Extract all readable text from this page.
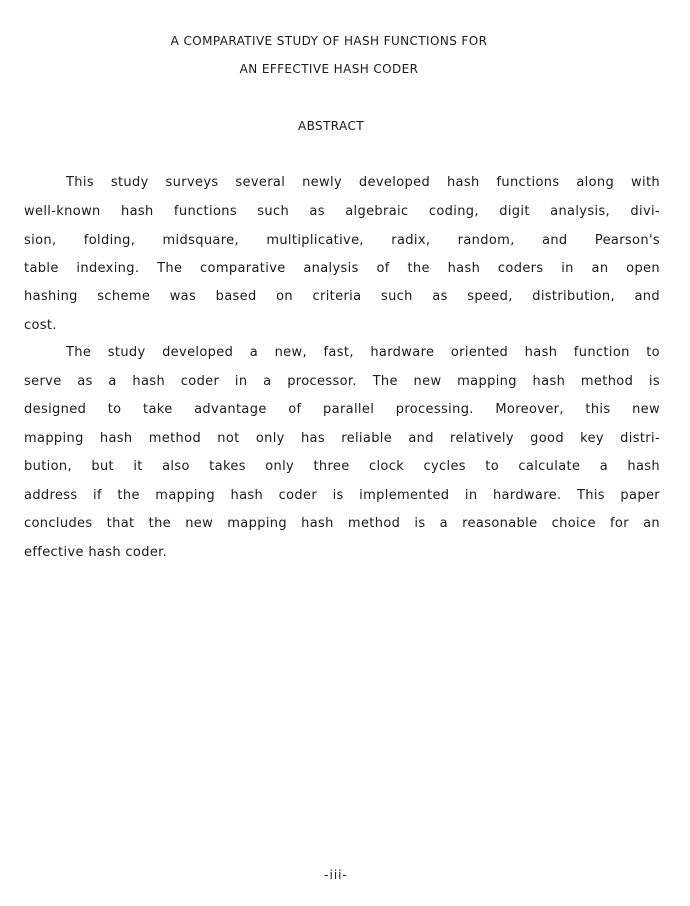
A COMPARATIVE STUDY OF HASH FUNCTIONS FOR
AN EFFECTIVE HASH CODER
ABSTRACT
This study surveys several newly developed hash functions along with
well-known hash functions such as algebraic coding, digit analysis, divi-
sion, folding, midsquare, multiplicative, radix, random, and Pearson's
table indexing. The comparative analysis of the hash coders in an open
hashing scheme was based on criteria such as speed, distribution, and
cost.
The study developed a new, fast, hardware oriented hash function to
serve as a hash coder in a processor. The new mapping hash method is
designed to take advantage of parallel processing. Moreover, this new
mapping hash method not only has reliable and relatively good key distri-
bution, but it also takes only three clock cycles to calculate a hash
address if the mapping hash coder is implemented in hardware. This paper
concludes that the new mapping hash method is a reasonable choice for an
effective hash coder.
-iii-
